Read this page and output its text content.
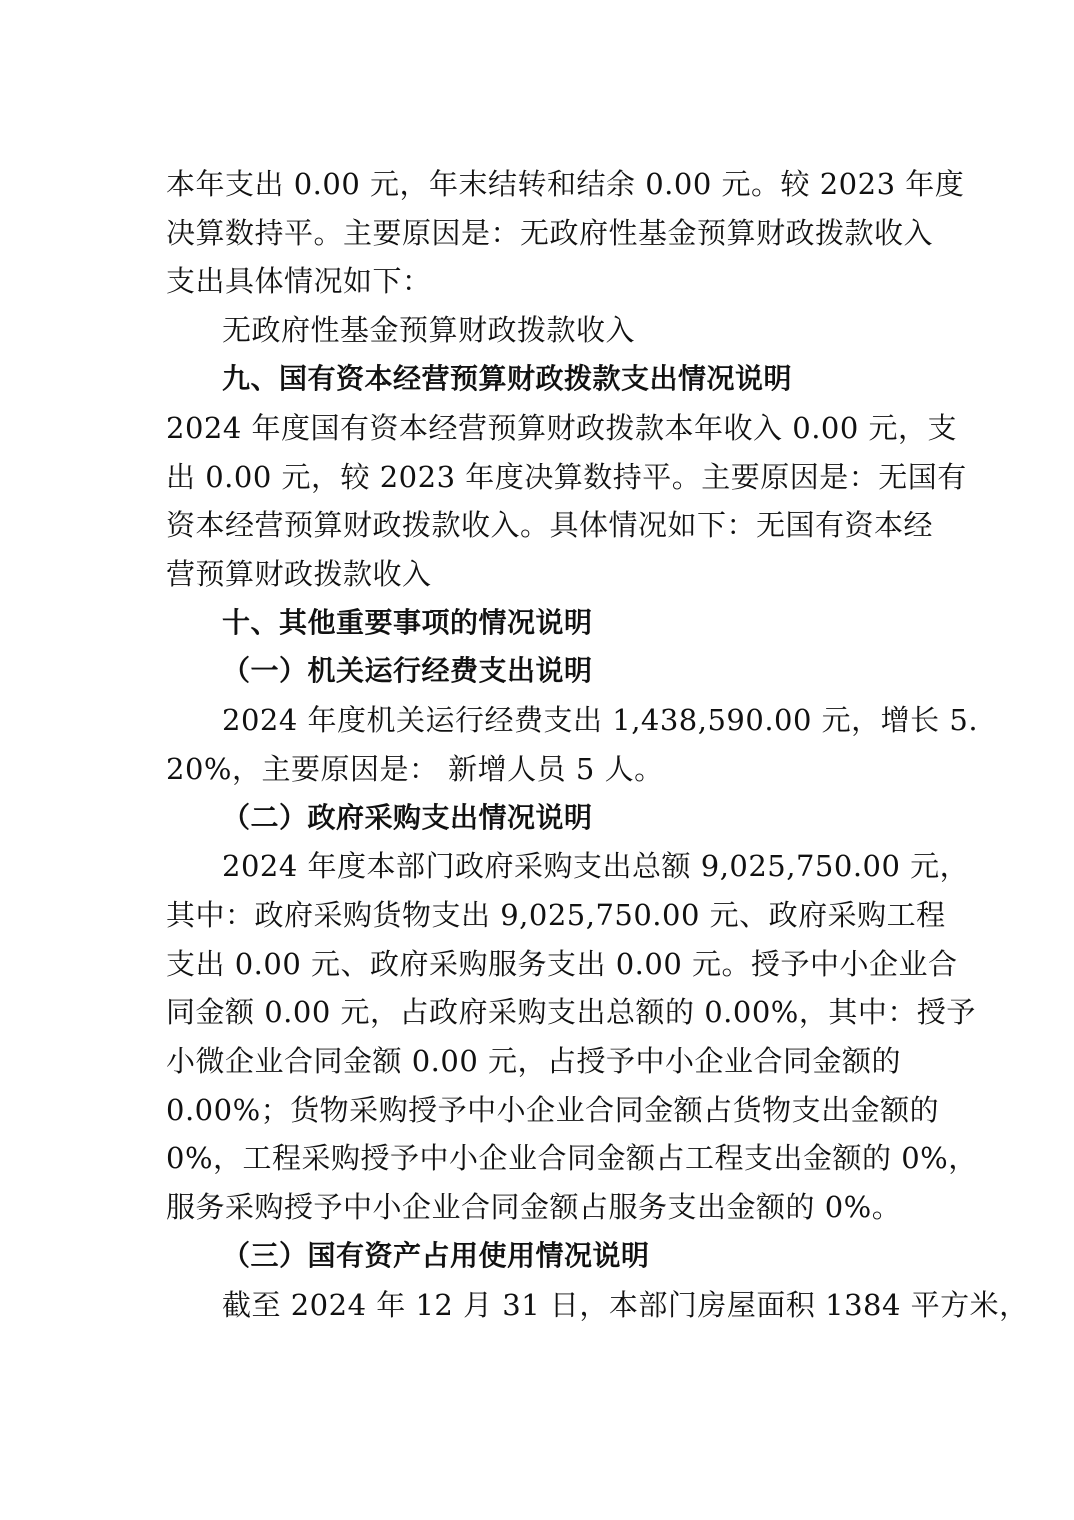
本年支出 0.00 元，年末结转和结余 0.00 元。较 2023 年度
决算数持平。主要原因是：无政府性基金预算财政拨款收入
支出具体情况如下：
无政府性基金预算财政拨款收入
九、国有资本经营预算财政拨款支出情况说明
2024 年度国有资本经营预算财政拨款本年收入 0.00 元，支
出 0.00 元，较 2023 年度决算数持平。主要原因是：无国有
资本经营预算财政拨款收入。具体情况如下：无国有资本经
营预算财政拨款收入
十、其他重要事项的情况说明
（一）机关运行经费支出说明
2024 年度机关运行经费支出 1,438,590.00 元，增长 5.
20%，主要原因是： 新增人员 5 人。
（二）政府采购支出情况说明
2024 年度本部门政府采购支出总额 9,025,750.00 元，
其中：政府采购货物支出 9,025,750.00 元、政府采购工程
支出 0.00 元、政府采购服务支出 0.00 元。授予中小企业合
同金额 0.00 元，占政府采购支出总额的 0.00%，其中：授予
小微企业合同金额 0.00 元，占授予中小企业合同金额的
0.00%；货物采购授予中小企业合同金额占货物支出金额的
0%，工程采购授予中小企业合同金额占工程支出金额的 0%，
服务采购授予中小企业合同金额占服务支出金额的 0%。
（三）国有资产占用使用情况说明
截至 2024 年 12 月 31 日，本部门房屋面积 1384 平方米，
